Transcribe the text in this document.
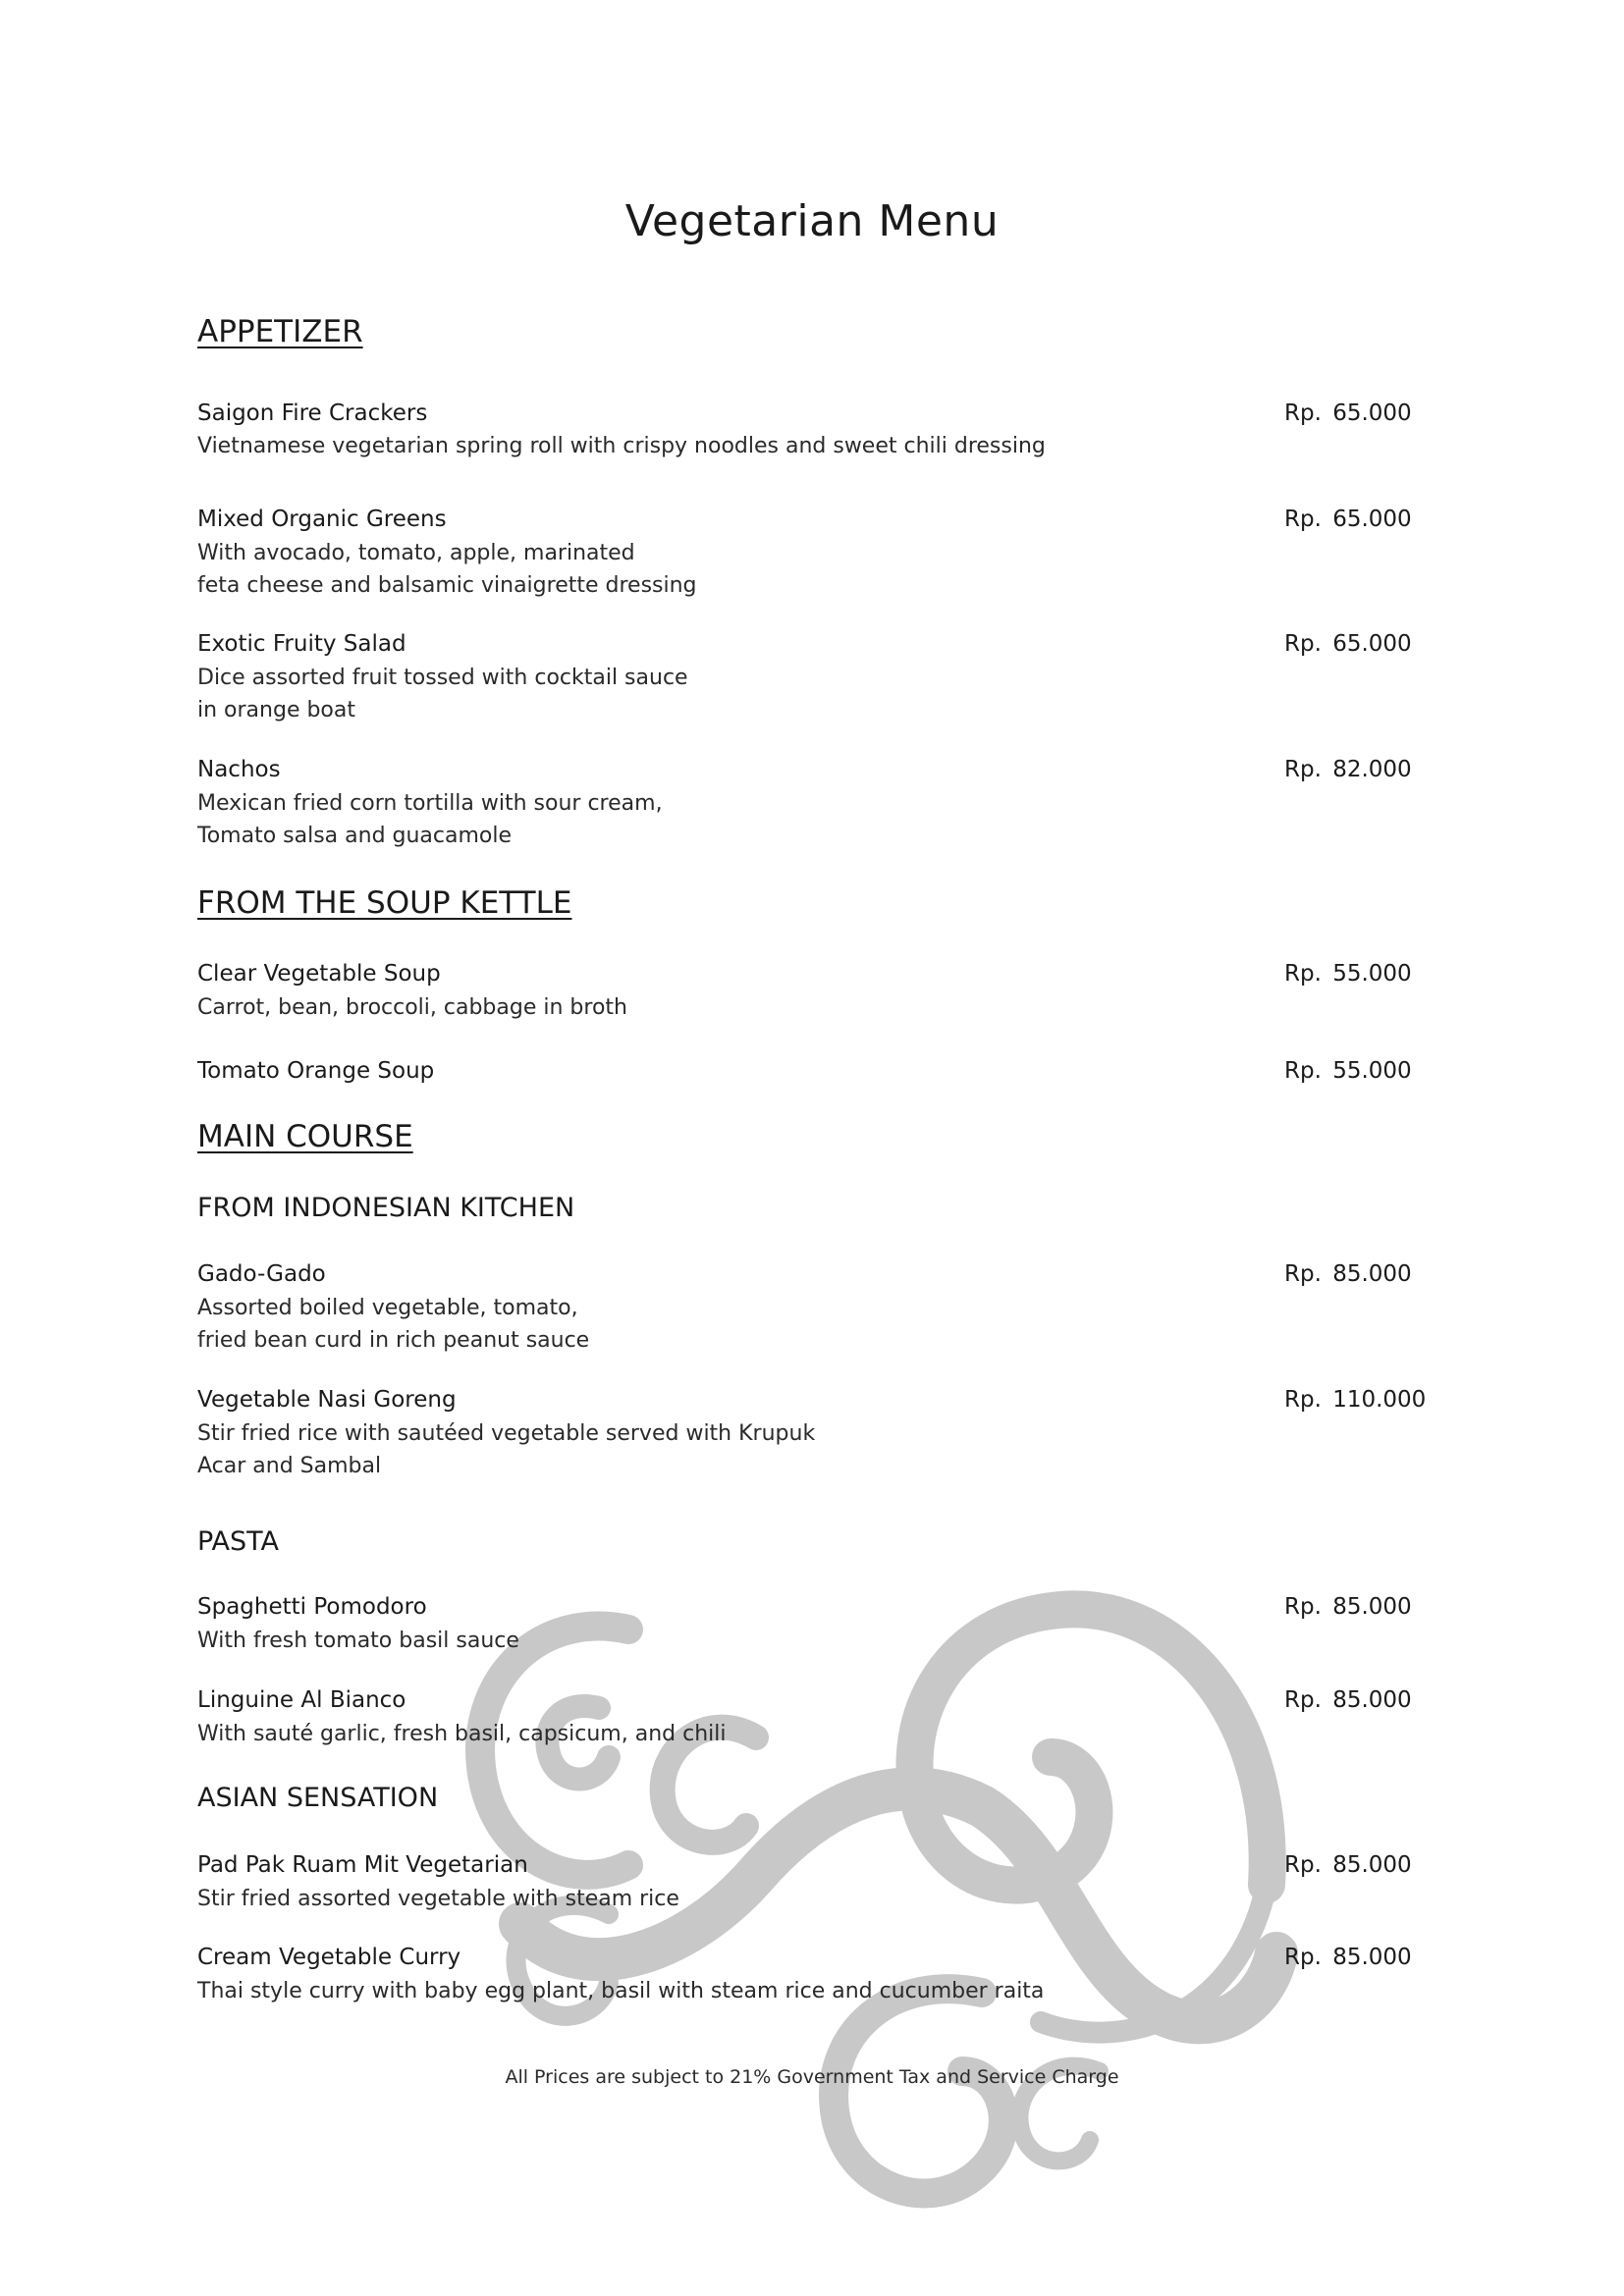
Vegetarian Menu
APPETIZER
Saigon Fire Crackers	Rp. 65.000
Vietnamese vegetarian spring roll with crispy noodles and sweet chili dressing
Mixed Organic Greens	Rp. 65.000
With avocado, tomato, apple, marinated
feta cheese and balsamic vinaigrette dressing
Exotic Fruity Salad	Rp. 65.000
Dice assorted fruit tossed with cocktail sauce
in orange boat
Nachos	Rp. 82.000
Mexican fried corn tortilla with sour cream,
Tomato salsa and guacamole
FROM THE SOUP KETTLE
Clear Vegetable Soup	Rp. 55.000
Carrot, bean, broccoli, cabbage in broth
Tomato Orange Soup	Rp. 55.000
MAIN COURSE
FROM INDONESIAN KITCHEN
Gado-Gado	Rp. 85.000
Assorted boiled vegetable, tomato,
fried bean curd in rich peanut sauce
Vegetable Nasi Goreng	Rp. 110.000
Stir fried rice with sautéed vegetable served with Krupuk
Acar and Sambal
PASTA
Spaghetti Pomodoro	Rp. 85.000
With fresh tomato basil sauce
Linguine Al Bianco	Rp. 85.000
With sauté garlic, fresh basil, capsicum, and chili
ASIAN SENSATION
Pad Pak Ruam Mit Vegetarian	Rp. 85.000
Stir fried assorted vegetable with steam rice
Cream Vegetable Curry	Rp. 85.000
Thai style curry with baby egg plant, basil with steam rice and cucumber raita
All Prices are subject to 21% Government Tax and Service Charge
